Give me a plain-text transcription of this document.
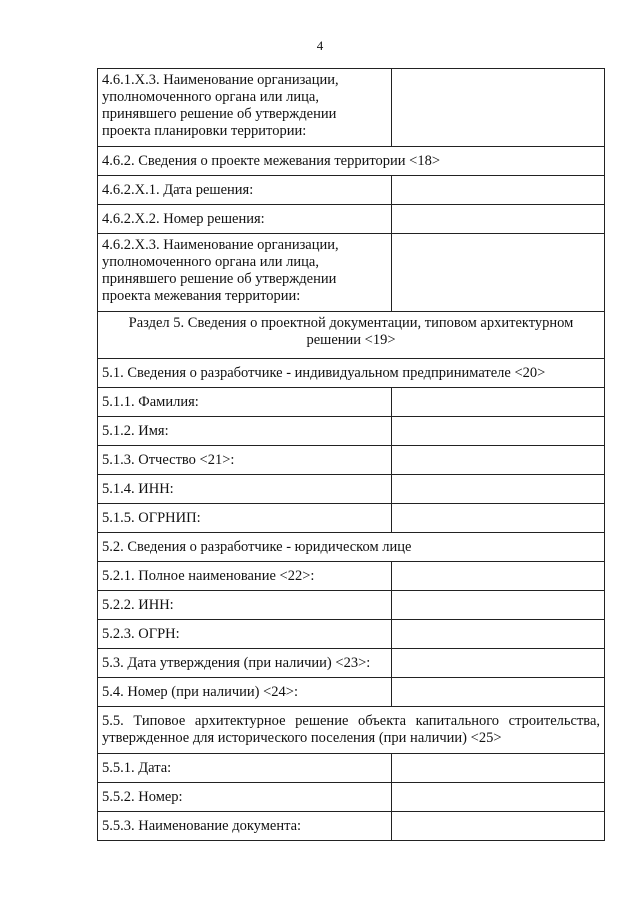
4
4.6.1.X.3. Наименование организации, уполномоченного органа или лица, принявшего решение об утверждении проекта планировки территории:	
4.6.2. Сведения о проекте межевания территории <18>	
4.6.2.Х.1. Дата решения:	
4.6.2.Х.2. Номер решения:	
4.6.2.Х.3. Наименование организации, уполномоченного органа или лица, принявшего решение об утверждении проекта межевания территории:	
Раздел 5. Сведения о проектной документации, типовом архитектурном решении <19>	
5.1. Сведения о разработчике - индивидуальном предпринимателе <20>	
5.1.1. Фамилия:	
5.1.2. Имя:	
5.1.3. Отчество <21>:	
5.1.4. ИНН:	
5.1.5. ОГРНИП:	
5.2. Сведения о разработчике - юридическом лице	
5.2.1. Полное наименование <22>:	
5.2.2. ИНН:	
5.2.3. ОГРН:	
5.3. Дата утверждения (при наличии) <23>:	
5.4. Номер (при наличии) <24>:	
5.5. Типовое архитектурное решение объекта капитального строительства, утвержденное для исторического поселения (при наличии) <25>	
5.5.1. Дата:	
5.5.2. Номер:	
5.5.3. Наименование документа:	
